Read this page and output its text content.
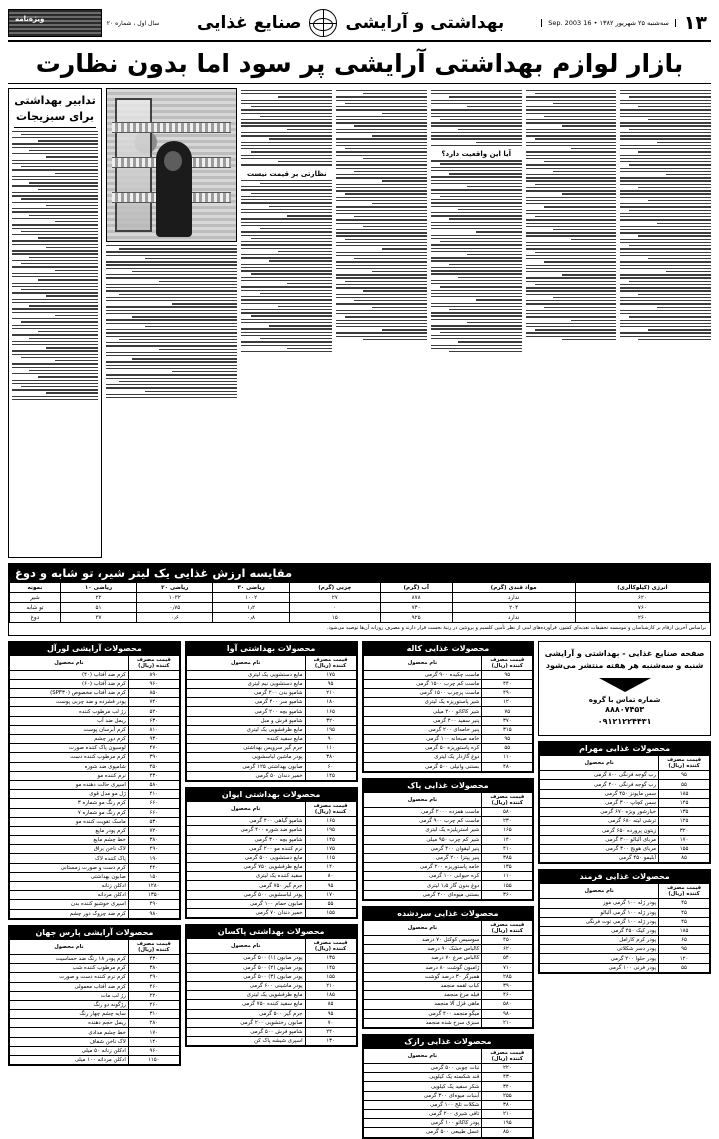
۱۳
سه‌شنبه ۲۵ شهریور ۱۳۸۲ • 16 Sep. 2003
بهداشتی و آرایشی
صنایع غذایی
سال اول ، شماره ۲۰
ویژه‌نامه
بازار لوازم بهداشتی آرایشی پر سود اما بدون نظارت
آیا این واقعیت دارد؟
نظارتی بر قیمت نیست
تدابیر بهداشتی
برای سبزیجات
مقایسه ارزش غذایی یک لیتر شیر، تو شابه و دوغ
انرژی (کیلوکالری)	مواد قندی (گرم)	آب (گرم)	چربی (گرم)	ریاضی ۳۰	ریاضی ۲۰	ریاضی ۱۰	نمونه
۶۲۰	ندارد	۸۷۸	۲۷	۱۰۰۲	۱۰۳۲	۲۲	شیر
۷۶۰	۲۰۴	۷۴۰	۰	۱٫۲	۰٫۷۵	۵۱	تو شابه
۲۶۰	ندارد	۹۲۵	۱۵	۰٫۸	۰٫۶	۳۷	دوغ
براساس آخرین ارقام بر کارشناسان و موسسه تحقیقات تغذیه‌ای کشور، فرآورده‌های لبنی از نظر تأمین کلسیم و پروتئین در رتبهٔ نخست قرار دارند و مصرف روزانه آن‌ها توصیه می‌شود.
صفحه صنایع غذایی - بهداشتی و آرایشی
شنبه و سه‌شنبه هر هفته منتشر می‌شود
شماره تماس با گروه
۸۸۸۰۷۴۵۳
۰۹۱۲۱۲۲۴۴۳۱
محصولات غذایی مهرام
قیمت مصرف کننده (ریال)	نام محصول
۹۵	رب گوجه فرنگی ۸۰۰ گرمی
۵۵	رب گوجه فرنگی ۴۰۰ گرمی
۱۸۵	سس مایونز ۴۵۰ گرمی
۱۴۵	سس کچاپ ۳۰۰ گرمی
۱۳۵	خیارشور ویژه ۶۷۰ گرمی
۱۲۵	ترشی لیته ۶۸۰ گرمی
۳۲۰	زیتون پرورده ۶۵۰ گرمی
۱۷۰	مربای آلبالو ۳۰۰ گرمی
۱۵۵	مربای هویج ۳۰۰ گرمی
۸۵	آبلیمو ۴۵۰ گرمی
محصولات غذایی فرمند
قیمت مصرف کننده (ریال)	نام محصول
۴۵	پودر ژله ۱۰۰ گرمی موز
۴۵	پودر ژله ۱۰۰ گرمی آلبالو
۴۵	پودر ژله ۱۰۰ گرمی توت فرنگی
۱۸۵	پودر کیک ۴۵۰ گرمی
۶۵	پودر کرم کارامل
۹۵	پودر دسر شکلاتی
۱۲۰	پودر حلوا ۲۰۰ گرمی
۵۵	پودر فرنی ۱۰۰ گرمی
محصولات غذایی کاله
قیمت مصرف کننده (ریال)	نام محصول
۹۵	ماست چکیده ۹۰۰ گرمی
۴۴۰	ماست کم چرب ۱۵۰۰ گرمی
۴۹۰	ماست پرچرب ۱۵۰۰ گرمی
۱۲۰	شیر پاستوریزه یک لیتری
۷۵	شیر کاکائو ۲۰۰ میلی
۳۷۰	پنیر سفید ۴۰۰ گرمی
۳۱۵	پنیر خامه‌ای ۲۰۰ گرمی
۹۵	خامه صبحانه ۱۰۰ گرمی
۵۵	کره پاستوریزه ۵۰ گرمی
۱۱۰	دوغ گازدار یک لیتری
۴۸۰	بستنی وانیلی ۵۰۰ گرمی
محصولات غذایی پاک
قیمت مصرف کننده (ریال)	نام محصول
۵۸۰	ماست همزده ۲۰۰۰ گرمی
۲۳۰	ماست کم چرب ۹۰۰ گرمی
۱۶۵	شیر استریلیزه یک لیتری
۱۴۰	شیر کم چرب ۹۵۰ میلی
۴۱۰	پنیر لیقوان ۴۰۰ گرمی
۳۸۵	پنیر پیتزا ۲۰۰ گرمی
۱۳۵	خامه پاستوریزه ۲۰۰ گرمی
۱۱۰	کره حیوانی ۱۰۰ گرمی
۱۵۵	دوغ بدون گاز ۱٫۵ لیتری
۳۶۰	بستنی میوه‌ای ۴۰۰ گرمی
محصولات غذایی سردشده
قیمت مصرف کننده (ریال)	نام محصول
۴۵۰	سوسیس کوکتل ۷۰ درصد
۶۲۰	کالباس خشک ۹۰ درصد
۵۴۰	کالباس مرغ ۷۰ درصد
۷۱۰	ژامبون گوشت ۸۰ درصد
۲۸۵	همبرگر ۳۰ درصد گوشت
۳۹۰	کباب لقمه منجمد
۴۶۰	فیله مرغ منجمد
۵۸۰	ماهی قزل آلا منجمد
۹۸۰	میگو منجمد ۴۰۰ گرمی
۲۱۰	سبزی سرخ شده منجمد
محصولات غذایی رازک
قیمت مصرف کننده (ریال)	نام محصول
۲۲۰	نبات چوبی ۵۰۰ گرمی
۴۳۰	قند شکسته یک کیلویی
۳۴۰	شکر سفید یک کیلویی
۲۵۵	آبنبات میوه‌ای ۳۰۰ گرمی
۳۸۰	شکلات تلخ ۱۰۰ گرمی
۲۱۰	تافی شیری ۲۰۰ گرمی
۱۹۵	پودر کاکائو ۱۰۰ گرمی
۸۵۰	عسل طبیعی ۵۰۰ گرمی
محصولات بهداشتی آوا
قیمت مصرف کننده (ریال)	نام محصول
۱۷۵	مایع دستشویی یک لیتری
۹۵	مایع دستشویی نیم لیتری
۲۱۰	شامپو بدن ۲۰۰ گرمی
۱۸۰	شامپو سر ۴۰۰ گرمی
۱۶۵	شامپو بچه ۲۰۰ گرمی
۳۲۰	شامپو فرش و مبل
۱۹۵	مایع ظرفشویی یک لیتری
۹۰	مایع سفید کننده
۱۱۰	جرم گیر سرویس بهداشتی
۳۸۰	پودر ماشین لباسشویی
۶۰	صابون بهداشتی ۱۲۵ گرمی
۱۴۵	خمیر دندان ۵۰ گرمی
محصولات بهداشتی ایوان
قیمت مصرف کننده (ریال)	نام محصول
۱۶۵	شامپو گیاهی ۴۰۰ گرمی
۱۹۵	شامپو ضد شوره ۴۰۰ گرمی
۱۴۵	شامپو بچه ۳۰۰ گرمی
۱۷۵	نرم کننده مو ۲۰۰ گرمی
۱۱۵	مایع دستشویی ۵۰۰ گرمی
۱۴۰	مایع ظرفشویی ۷۵۰ گرمی
۸۰	سفید کننده یک لیتری
۹۵	جرم گیر ۷۵۰ گرمی
۱۷۰	پودر لباسشویی ۵۰۰ گرمی
۵۵	صابون حمام ۱۰۰ گرمی
۱۵۵	خمیر دندان ۷۰ گرمی
محصولات بهداشتی پاکسان
قیمت مصرف کننده (ریال)	نام محصول
۱۳۵	پودر صابون (۱) ۵۰۰ گرمی
۱۴۵	پودر صابون (۲) ۵۰۰ گرمی
۱۵۵	پودر صابون (۳) ۵۰۰ گرمی
۲۱۰	پودر ماشینی ۶۰۰ گرمی
۱۸۵	مایع ظرفشویی یک لیتری
۸۵	مایع سفید کننده ۷۵۰ گرمی
۹۵	جرم گیر ۵۰۰ گرمی
۷۰	صابون رختشویی ۲۰۰ گرمی
۲۴۰	شامپو فرش ۵۰۰ گرمی
۱۳۰	اسپری شیشه پاک کن
محصولات آرایشی لورآل
قیمت مصرف کننده (ریال)	نام محصول
۸۹۰	کرم ضد آفتاب (۴۰)
۹۶۰	کرم ضد آفتاب (۶۰)
۸۵۰	کرم ضد آفتاب مخصوص (SPF۳۰)
۷۴۰	پودر فشرده و ضد چربی پوست
۵۲۰	رژ لب مرطوب کننده
۶۳۰	ریمل ضد آب
۸۱۰	کرم آبرسان پوست
۹۳۰	کرم دور چشم
۴۷۰	لوسیون پاک کننده صورت
۳۹۰	کرم مرطوب کننده دست
۴۵۰	شامپوی ضد شوره
۴۳۰	نرم کننده مو
۵۸۰	اسپری حالت دهنده مو
۴۱۰	ژل مو مدل قوی
۶۶۰	کرم رنگ مو شماره ۳
۶۶۰	کرم رنگ مو شماره ۷
۵۳۰	ماسک تقویت کننده مو
۷۲۰	کرم پودر مایع
۳۸۰	خط چشم مایع
۲۹۰	لاک ناخن براق
۱۹۰	پاک کننده لاک
۴۴۰	کرم دست و صورت زمستانی
۱۵۰	صابون بهداشتی
۱۲۸۰	ادکلن زنانه
۱۳۵۰	ادکلن مردانه
۴۹۰	اسپری خوشبو کننده بدن
۹۸۰	کرم ضد چروک دور چشم
محصولات آرایشی پارس جهان
قیمت مصرف کننده (ریال)	نام محصول
۴۳۰	کرم پودر ۱۸ رنگ ضد حساسیت
۳۸۰	کرم مرطوب کننده شب
۲۹۰	کرم نرم کننده دست و صورت
۴۶۰	کرم ضد آفتاب معمولی
۲۲۰	رژ لب مات
۲۶۰	رژگونه دو رنگ
۳۱۰	سایه چشم چهار رنگ
۲۸۰	ریمل حجم دهنده
۱۷۰	خط چشم مدادی
۱۴۰	لاک ناخن شفاف
۹۶۰	ادکلن زنانه ۵۰ میلی
۱۱۵۰	ادکلن مردانه ۱۰۰ میلی
